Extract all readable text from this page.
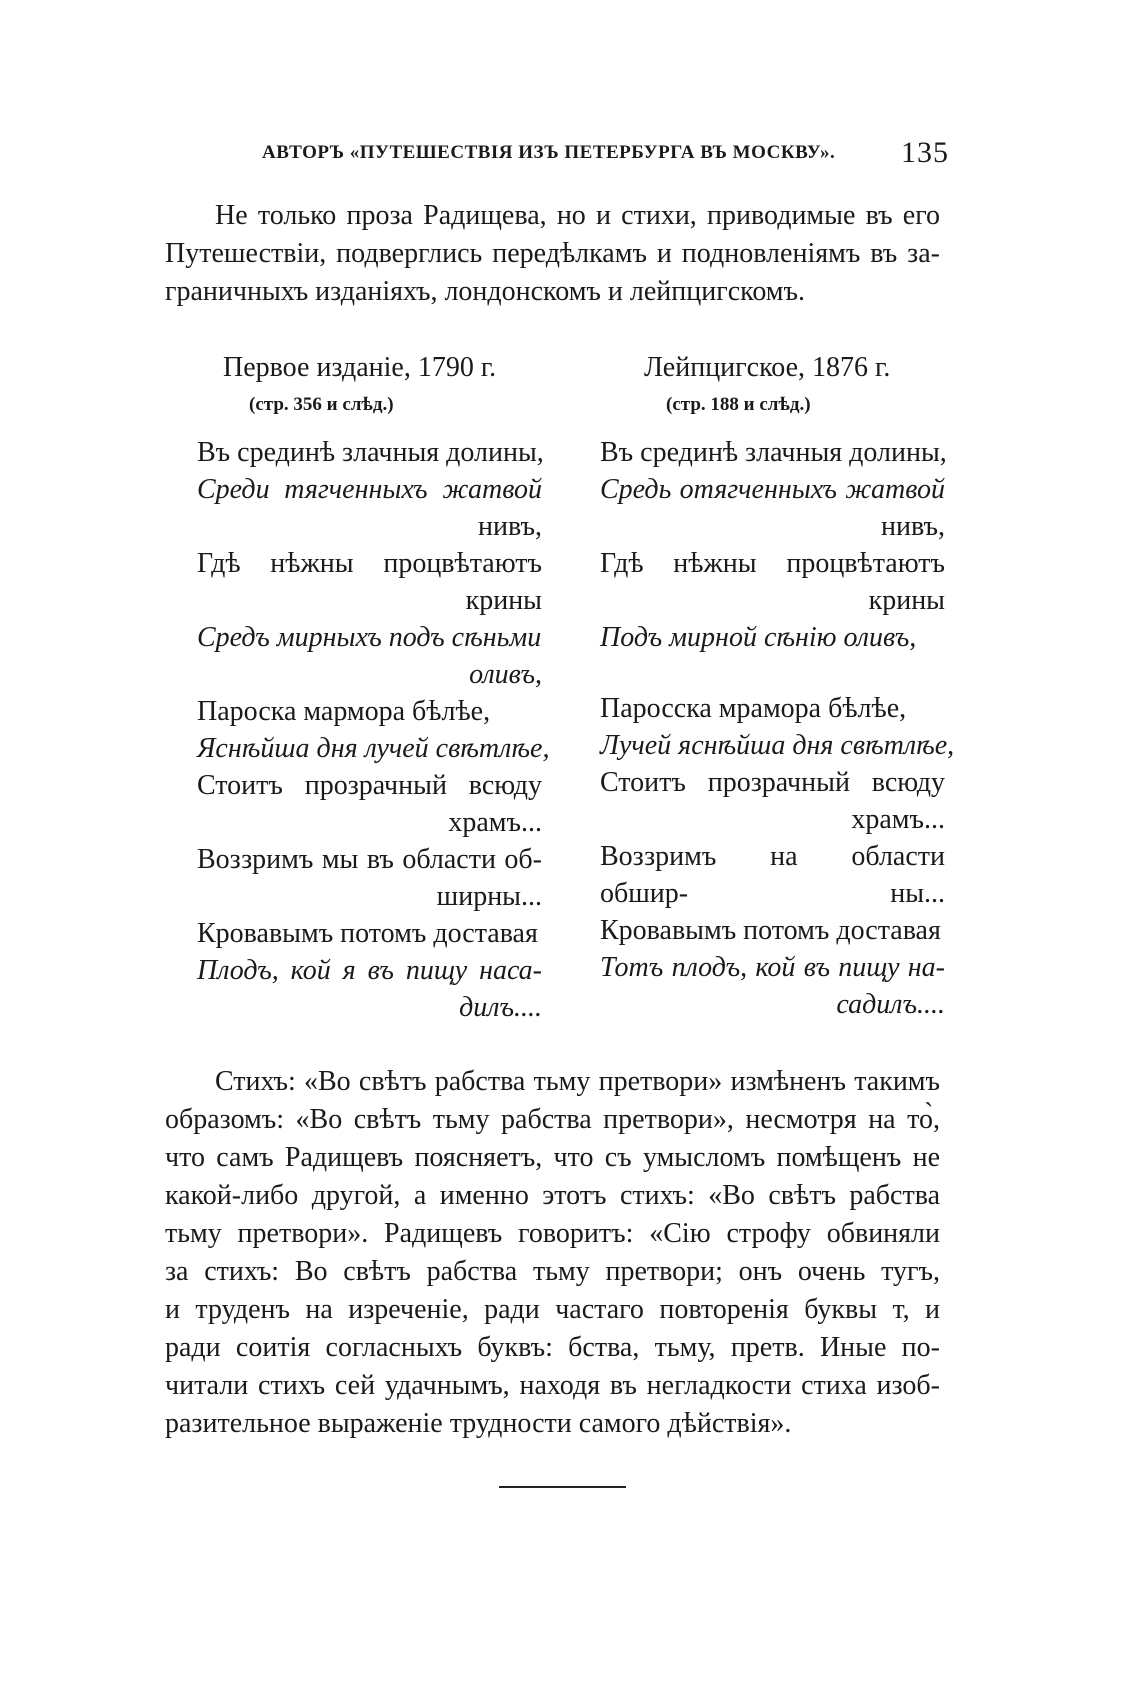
АВТОРЪ «ПУТЕШЕСТВІЯ ИЗЪ ПЕТЕРБУРГА ВЪ МОСКВУ». 135
Не только проза Радищева, но и стихи, приводимые въ его
Путешествіи, подверглись передѣлкамъ и подновленіямъ въ за-
граничныхъ изданіяхъ, лондонскомъ и лейпцигскомъ.
Первое изданіе, 1790 г.
(стр. 356 и слѣд.)
Въ срединѣ злачныя долины,
Среди тягченныхъ жатвой
нивъ,
Гдѣ нѣжны процвѣтаютъ
крины
Средъ мирныхъ подъ сѣньми
оливъ,
Пароска мармора бѣлѣе,
Яснѣйша дня лучей свѣтлѣе,
Стоитъ прозрачный всюду
храмъ...
Воззримъ мы въ области об-
ширны...
Кровавымъ потомъ доставая
Плодъ, кой я въ пищу наса-
дилъ....
Лейпцигское, 1876 г.
(стр. 188 и слѣд.)
Въ срединѣ злачныя долины,
Средь отягченныхъ жатвой
нивъ,
Гдѣ нѣжны процвѣтаютъ
крины
Подъ мирной сѣнію оливъ,
Паросска мрамора бѣлѣе,
Лучей яснѣйша дня свѣтлѣе,
Стоитъ прозрачный всюду
храмъ...
Воззримъ на области обшир-	ны...
Кровавымъ потомъ доставая
Тотъ плодъ, кой въ пищу на-
садилъ....
Стихъ: «Во свѣтъ рабства тьму претвори» измѣненъ такимъ
образомъ: «Во свѣтъ тьму рабства претвори», несмотря на то̀,
что самъ Радищевъ поясняетъ, что съ умысломъ помѣщенъ не
какой-либо другой, а именно этотъ стихъ: «Во свѣтъ рабства
тьму претвори». Радищевъ говоритъ: «Сію строфу обвиняли
за стихъ: Во свѣтъ рабства тьму претвори; онъ очень тугъ,
и труденъ на изреченіе, ради частаго повторенія буквы т, и
ради соитія согласныхъ буквъ: бства, тьму, претв. Иные по-
читали стихъ сей удачнымъ, находя въ негладкости стиха изоб-
разительное выраженіе трудности самого дѣйствія».
